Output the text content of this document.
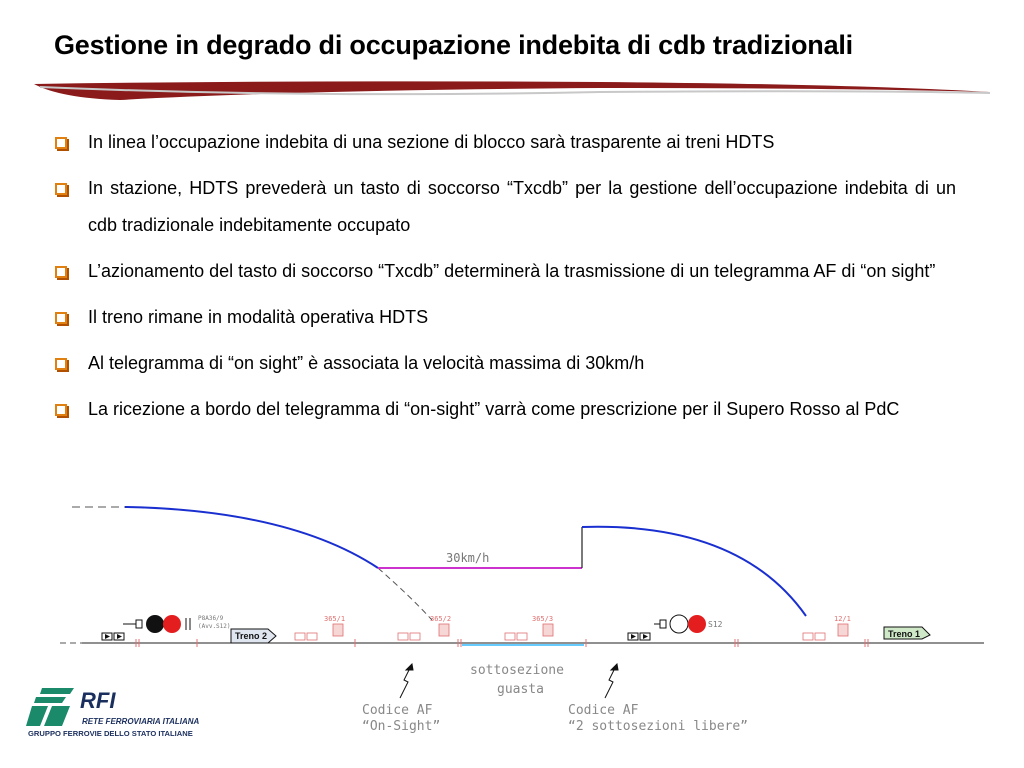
Gestione in degrado di occupazione indebita di cdb tradizionali
In linea l’occupazione indebita di una sezione di blocco sarà trasparente ai treni HDTS
In stazione, HDTS prevederà un tasto di soccorso “Txcdb” per la gestione dell’occupazione indebita di un cdb tradizionale indebitamente occupato
L’azionamento del tasto di soccorso “Txcdb” determinerà la trasmissione di un telegramma AF di “on sight”
Il treno rimane in modalità operativa HDTS
Al telegramma di “on sight” è associata la velocità massima di 30km/h
La ricezione a bordo del telegramma di “on-sight” varrà come prescrizione per il Supero Rosso al PdC
30km/h
365/1	365/2	365/3	12/1
P8A36/9
(Avv.S12)	S12
Treno 2	Treno 1
sottosezione
guasta
Codice AF
“On-Sight”
Codice AF
“2 sottosezioni libere”
RFI
RETE FERROVIARIA ITALIANA
GRUPPO FERROVIE DELLO STATO ITALIANE
